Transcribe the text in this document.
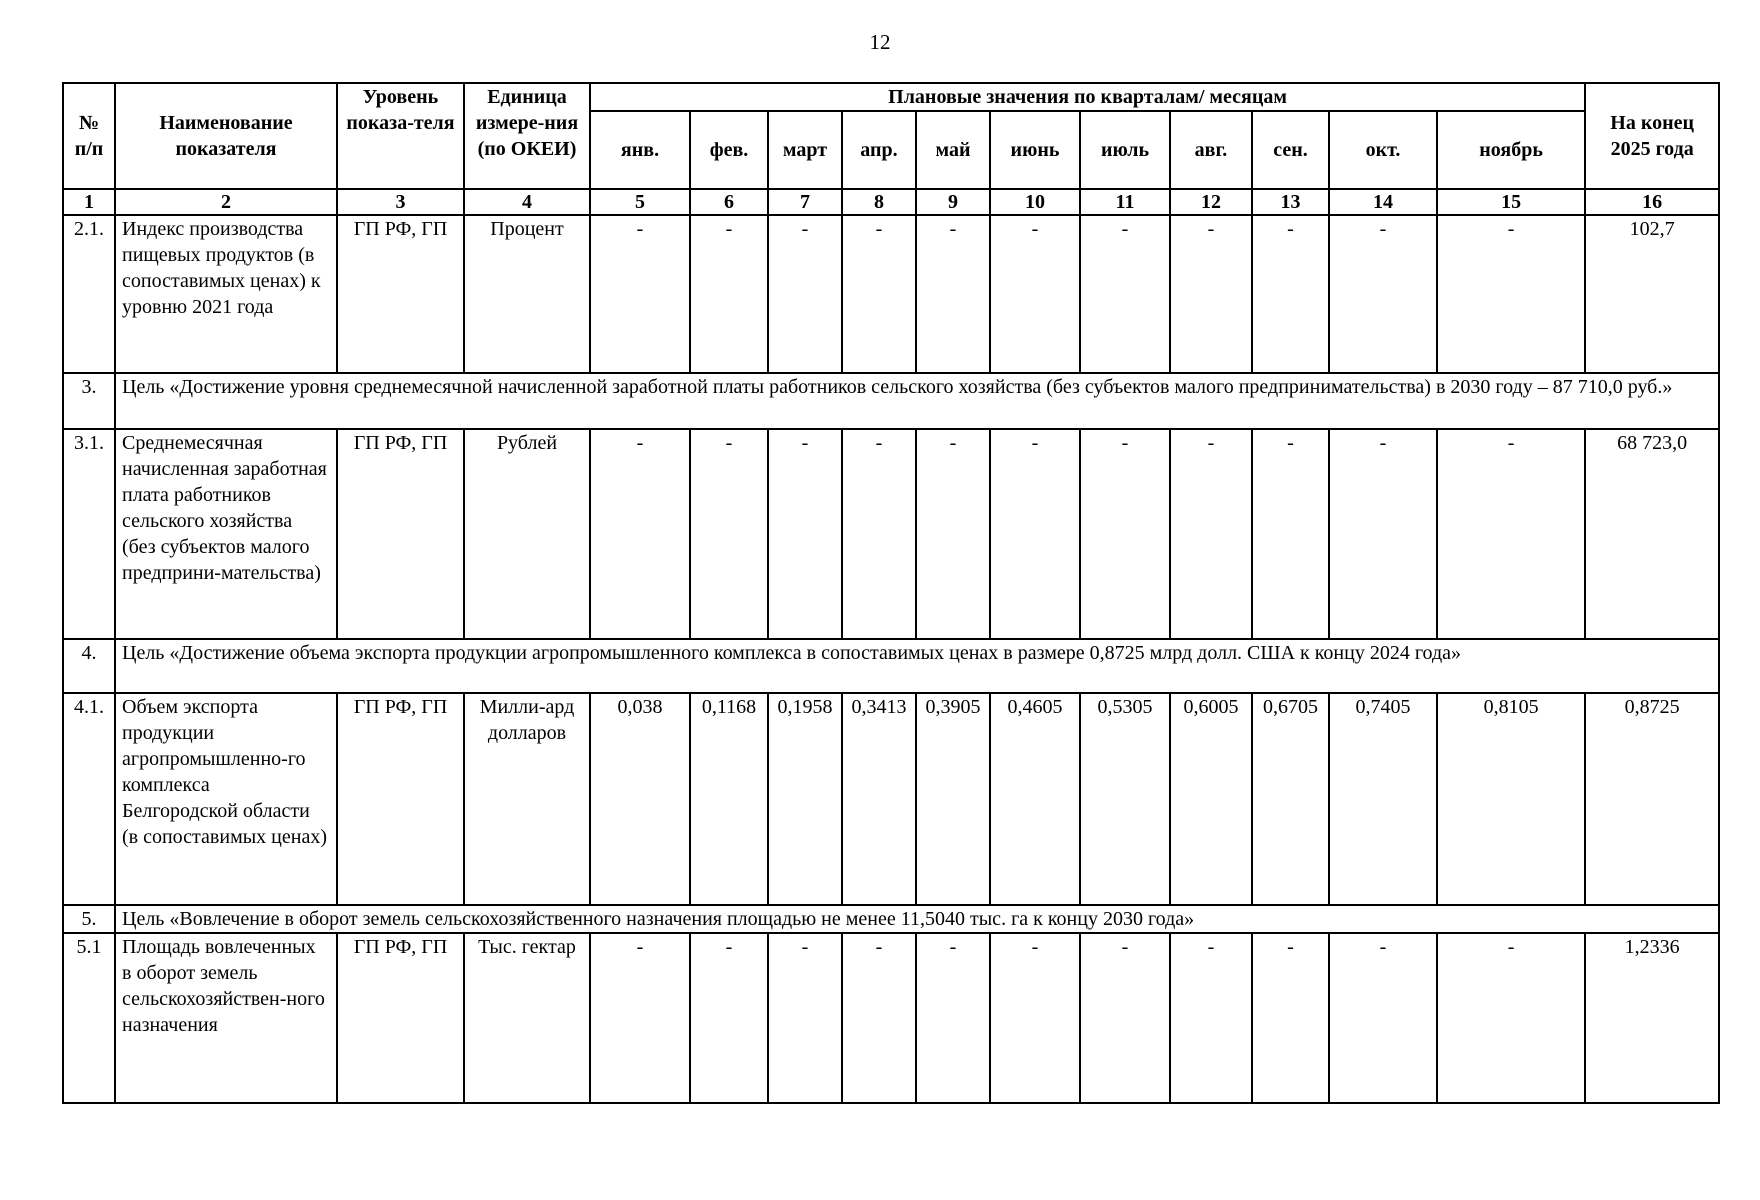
12
№ п/п	Наименование показателя	Уровень показа-теля	Единица измере-ния (по ОКЕИ)	Плановые значения по кварталам/ месяцам											На конец 2025 года
				янв.	фев.	март	апр.	май	июнь	июль	авг.	сен.	окт.	ноябрь	
1	2	3	4	5	6	7	8	9	10	11	12	13	14	15	16
2.1.	Индекс производства пищевых продуктов (в сопоставимых ценах) к уровню 2021 года	ГП РФ, ГП	Процент	-	-	-	-	-	-	-	-	-	-	-	102,7
3.	Цель «Достижение уровня среднемесячной начисленной заработной платы работников сельского хозяйства (без субъектов малого предпринимательства) в 2030 году – 87 710,0 руб.»														
3.1.	Среднемесячная начисленная заработная плата работников сельского хозяйства (без субъектов малого предприни-мательства)	ГП РФ, ГП	Рублей	-	-	-	-	-	-	-	-	-	-	-	68 723,0
4.	Цель «Достижение объема экспорта продукции агропромышленного комплекса в сопоставимых ценах в размере 0,8725 млрд долл. США к концу 2024 года»														
4.1.	Объем экспорта продукции агропромышленно-го комплекса Белгородской области (в сопоставимых ценах)	ГП РФ, ГП	Милли-ард долларов	0,038	0,1168	0,1958	0,3413	0,3905	0,4605	0,5305	0,6005	0,6705	0,7405	0,8105	0,8725
5.	Цель «Вовлечение в оборот земель сельскохозяйственного назначения площадью не менее 11,5040 тыс. га к концу 2030 года»														
5.1	Площадь вовлеченных в оборот земель сельскохозяйствен-ного назначения	ГП РФ, ГП	Тыс. гектар	-	-	-	-	-	-	-	-	-	-	-	1,2336
